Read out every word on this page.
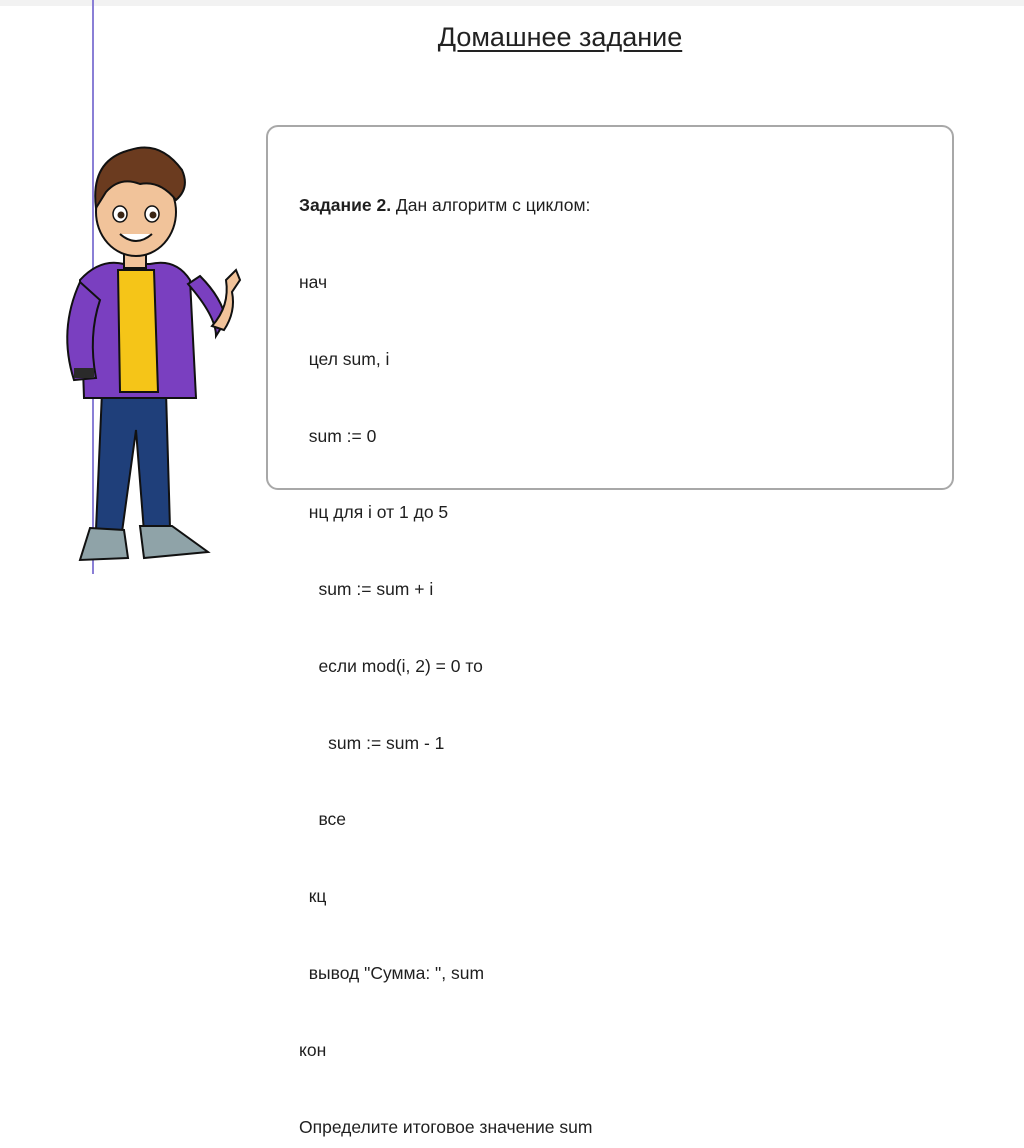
Домашнее задание

Задание 2. Дан алгоритм с циклом:

нач

цел sum, i

sum := 0

нц для i от 1 до 5

sum := sum + i

если mod(i, 2) = 0 то

sum := sum - 1

все

кц

вывод "Сумма: ", sum

кон

Определите итоговое значение sum
